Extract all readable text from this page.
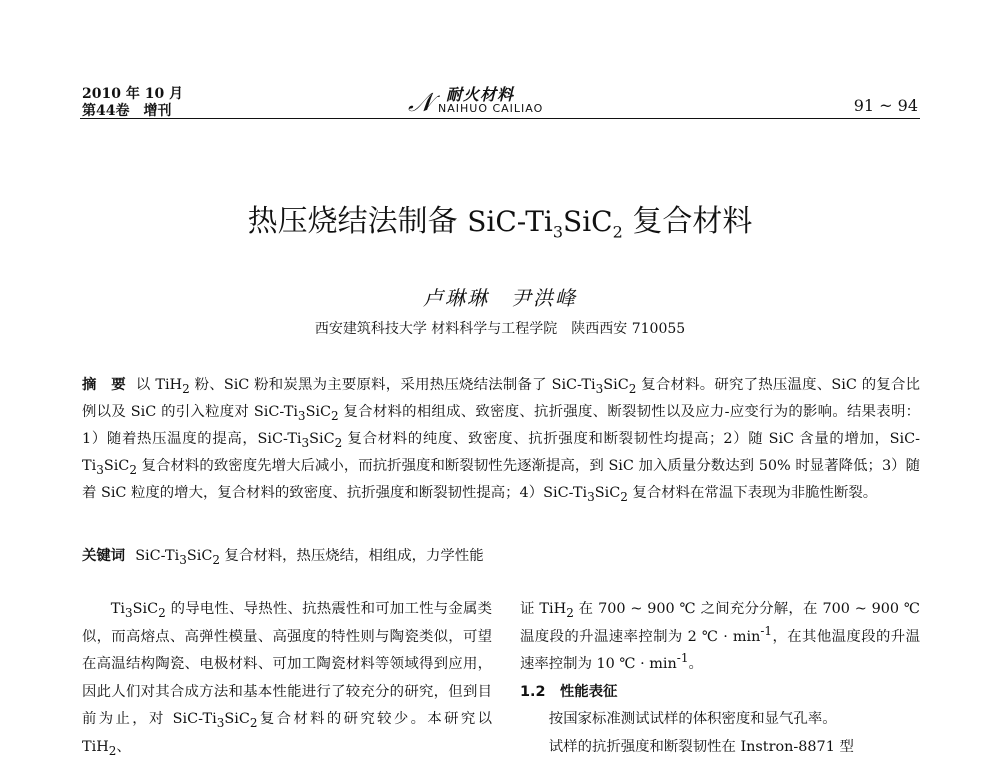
2010 年 10 月
第44卷　增刊	𝒩 耐火材料
NAIHUO CAILIAO	91 ~ 94
热压烧结法制备 SiC-$Ti_3SiC_2$ 复合材料
卢琳琳　尹洪峰
西安建筑科技大学 材料科学与工程学院　陕西西安 710055
摘　要 以 TiH$_2$ 粉、SiC 粉和炭黑为主要原料，采用热压烧结法制备了 SiC-$Ti_3SiC_2$ 复合材料。研究了热压温度、SiC 的复合比例以及 SiC 的引入粒度对 SiC-$Ti_3SiC_2$ 复合材料的相组成、致密度、抗折强度、断裂韧性以及应力-应变行为的影响。结果表明：1）随着热压温度的提高，SiC-$Ti_3SiC_2$ 复合材料的纯度、致密度、抗折强度和断裂韧性均提高；2）随 SiC 含量的增加，SiC-$Ti_3SiC_2$ 复合材料的致密度先增大后减小，而抗折强度和断裂韧性先逐渐提高，到 SiC 加入质量分数达到 50% 时显著降低；3）随着 SiC 粒度的增大，复合材料的致密度、抗折强度和断裂韧性提高；$4)SiC-Ti_3SiC_2$ 复合材料在常温下表现为非脆性断裂。
关键词 SiC-$Ti_3SiC_2$ 复合材料，热压烧结，相组成，力学性能

$Ti_3SiC_2$ 的导电性、导热性、抗热震性和可加工性与金属类似，而高熔点、高弹性模量、高强度的特性则与陶瓷类似，可望在高温结构陶瓷、电极材料、可加工陶瓷材料等领域得到应用，因此人们对其合成方法和基本性能进行了较充分的研究，但到目前为止，对 SiC-$Ti_3SiC_2$复合材料的研究较少。本研究以 TiH$_2$、

证 TiH$_2$ 在 700 ~ 900 ℃ 之间充分分解，在 700 ~ 900 ℃温度段的升温速率控制为 2 ℃ · $\min^{-1}$，在其他温度段的升温速率控制为 10 ℃ · $\min^{-1}$。

1.2　性能表征

按国家标准测试试样的体积密度和显气孔率。

试样的抗折强度和断裂韧性在 Instron-8871 型
